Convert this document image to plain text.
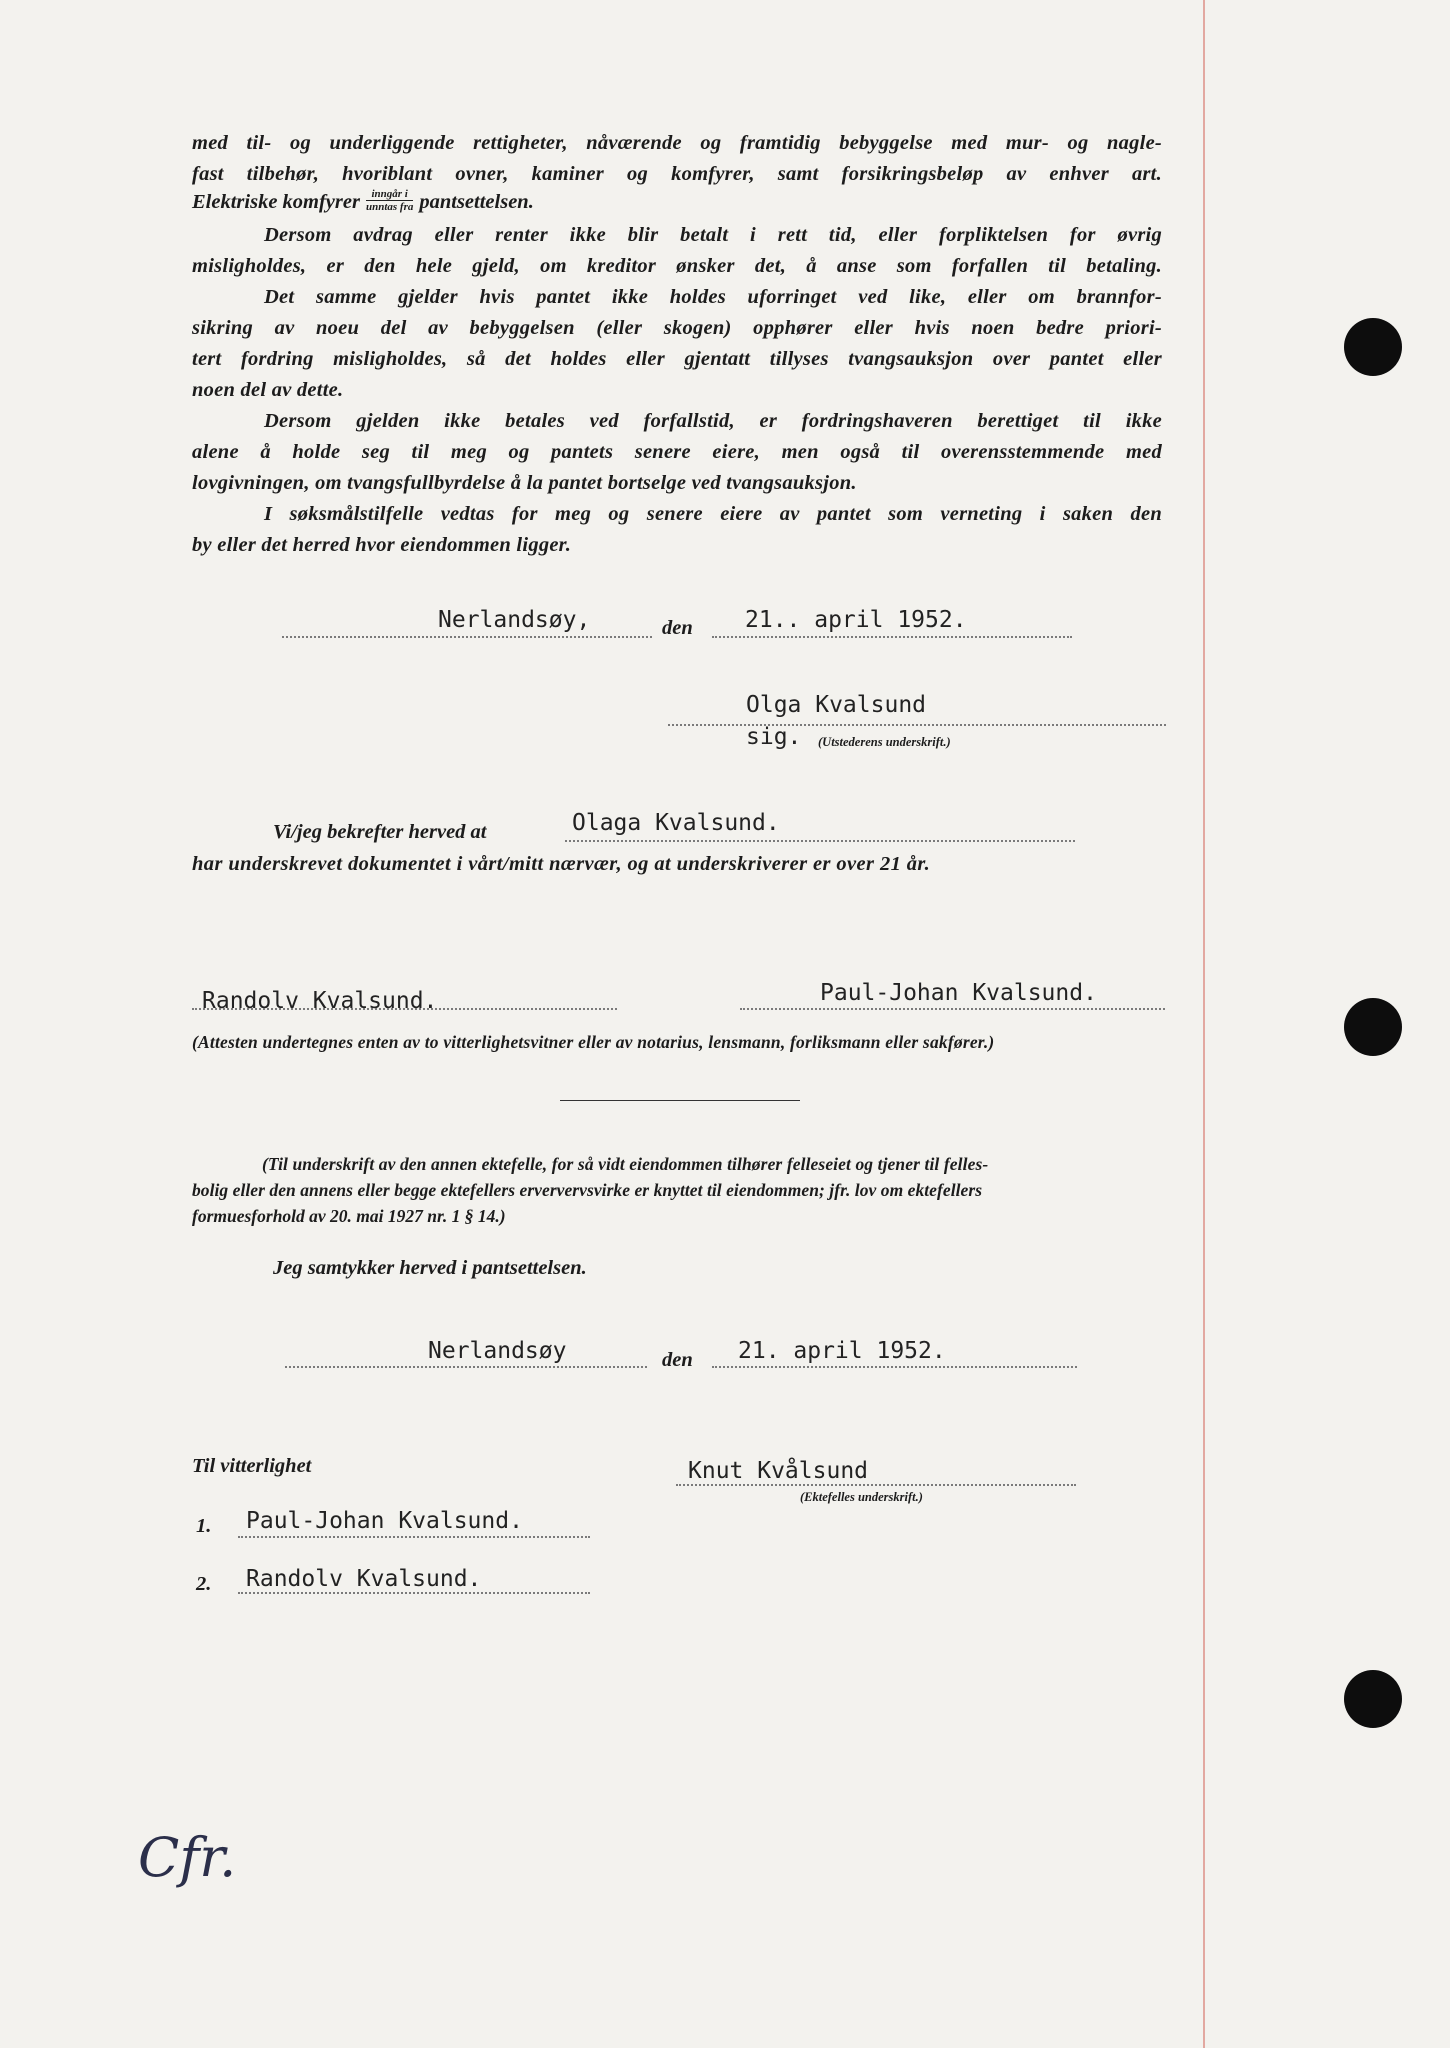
med til- og underliggende rettigheter, nåværende og framtidig bebyggelse med mur- og nagle-

fast tilbehør, hvoriblant ovner, kaminer og komfyrer, samt forsikringsbeløp av enhver art.

Elektriske komfyrer $\frac{\text{inngår i}}{\text{unntas fra}}$ pantsettelsen.

Dersom avdrag eller renter ikke blir betalt i rett tid, eller forpliktelsen for øvrig

misligholdes, er den hele gjeld, om kreditor ønsker det, å anse som forfallen til betaling.

Det samme gjelder hvis pantet ikke holdes uforringet ved like, eller om brannfor-

sikring av noeu del av bebyggelsen (eller skogen) opphører eller hvis noen bedre priori-

tert fordring misligholdes, så det holdes eller gjentatt tillyses tvangsauksjon over pantet eller

noen del av dette.

Dersom gjelden ikke betales ved forfallstid, er fordringshaveren berettiget til ikke

alene å holde seg til meg og pantets senere eiere, men også til overensstemmende med

lovgivningen, om tvangsfullbyrdelse å la pantet bortselge ved tvangsauksjon.

I søksmålstilfelle vedtas for meg og senere eiere av pantet som verneting i saken den

by eller det herred hvor eiendommen ligger.

Nerlandsøy,	den 21.. april 1952.
Olga Kvalsund
sig. (Utstederens underskrift.)
Vi/jeg bekrefter herved at	Olaga Kvalsund.
har underskrevet dokumentet i vårt/mitt nærvær, og at underskriverer er over 21 år.
Randolv Kvalsund.	Paul-Johan Kvalsund.
(Attesten undertegnes enten av to vitterlighetsvitner eller av notarius, lensmann, forliksmann eller sakfører.)
(Til underskrift av den annen ektefelle, for så vidt eiendommen tilhører felleseiet og tjener til felles-
bolig eller den annens eller begge ektefellers erververvsvirke er knyttet til eiendommen; jfr. lov om ektefellers
formuesforhold av 20. mai 1927 nr. 1 § 14.)
Jeg samtykker herved i pantsettelsen.
Nerlandsøy	den 21. april 1952.
Til vitterlighet
1. Paul-Johan Kvalsund.
2. Randolv Kvalsund.
Knut Kvålsund
(Ektefelles underskrift.)
Cfr.
